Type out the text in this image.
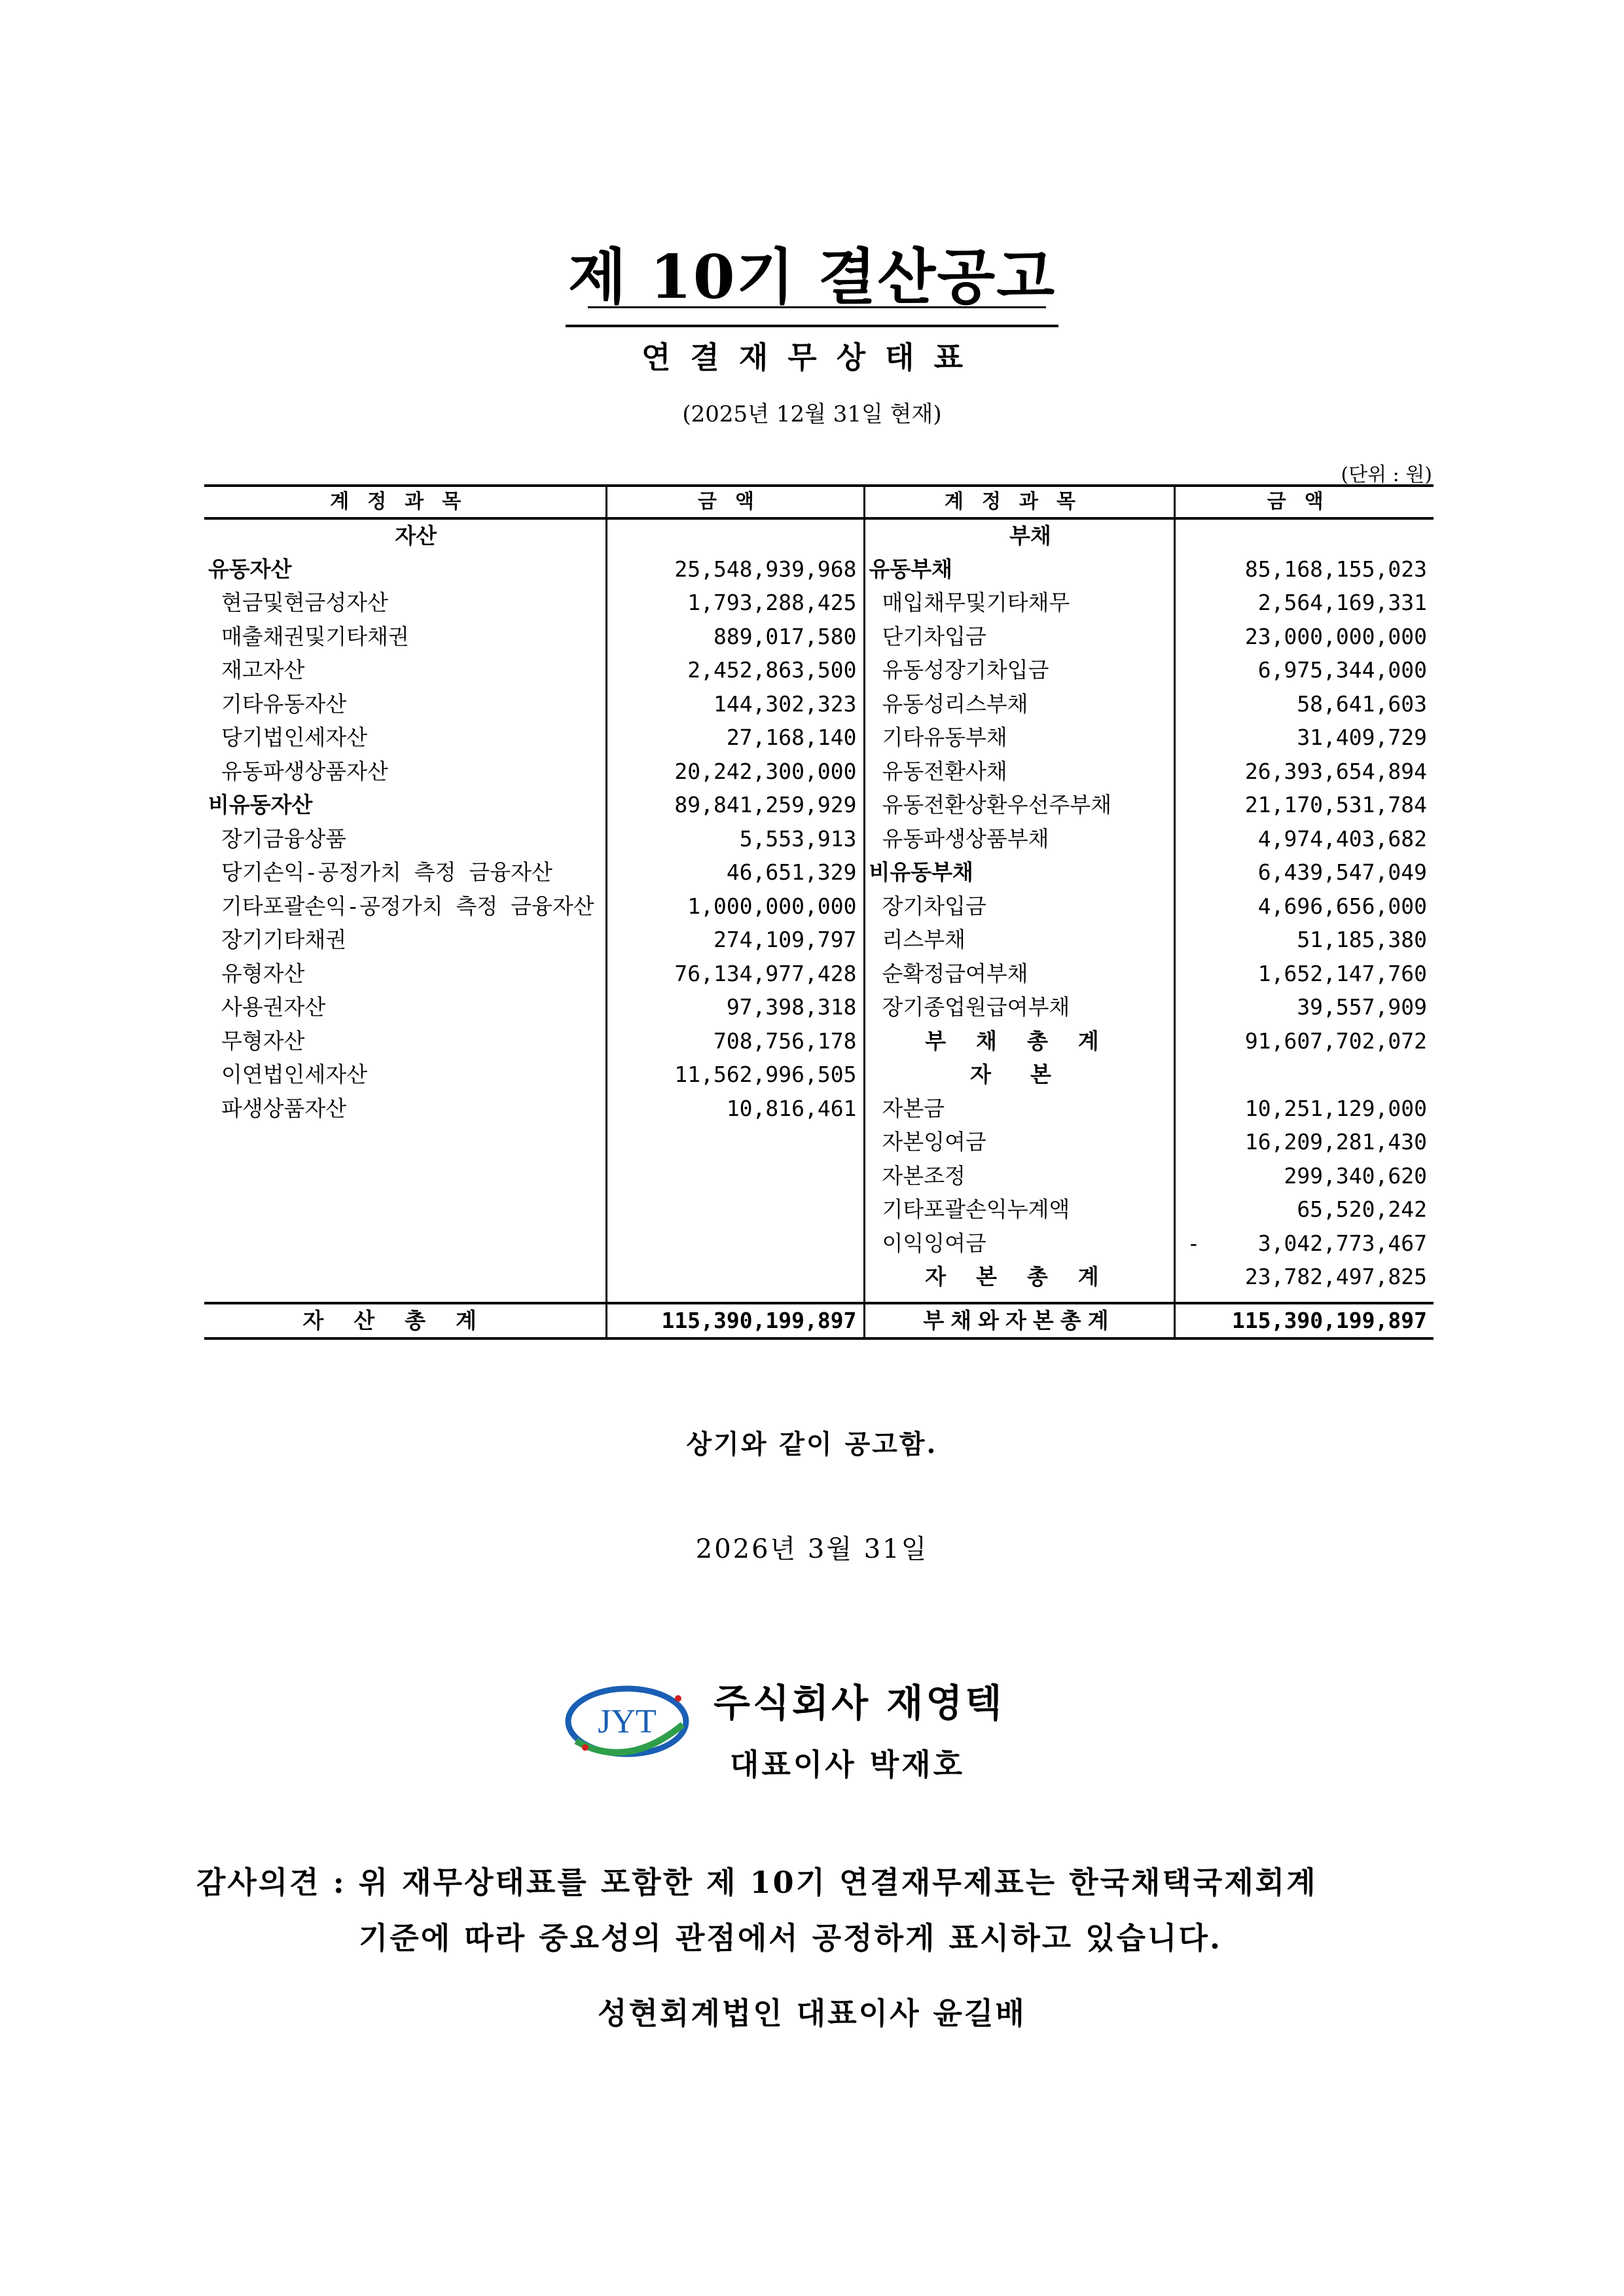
제 10기 결산공고
연결재무상태표
(2025년 12월 31일 현재)
(단위 : 원)
계정과목	금액	계정과목	금액
자산		부채	
유동자산	25,548,939,968	유동부채	85,168,155,023
현금및현금성자산	1,793,288,425	매입채무및기타채무	2,564,169,331
매출채권및기타채권	889,017,580	단기차입금	23,000,000,000
재고자산	2,452,863,500	유동성장기차입금	6,975,344,000
기타유동자산	144,302,323	유동성리스부채	58,641,603
당기법인세자산	27,168,140	기타유동부채	31,409,729
유동파생상품자산	20,242,300,000	유동전환사채	26,393,654,894
비유동자산	89,841,259,929	유동전환상환우선주부채	21,170,531,784
장기금융상품	5,553,913	유동파생상품부채	4,974,403,682
당기손익-공정가치 측정 금융자산	46,651,329	비유동부채	6,439,547,049
기타포괄손익-공정가치 측정 금융자산	1,000,000,000	장기차입금	4,696,656,000
장기기타채권	274,109,797	리스부채	51,185,380
유형자산	76,134,977,428	순확정급여부채	1,652,147,760
사용권자산	97,398,318	장기종업원급여부채	39,557,909
무형자산	708,756,178	부채총계	91,607,702,072
이연법인세자산	11,562,996,505	자본	
파생상품자산	10,816,461	자본금	10,251,129,000
		자본잉여금	16,209,281,430
		자본조정	299,340,620
		기타포괄손익누계액	65,520,242
		이익잉여금	- 3,042,773,467
		자본총계	23,782,497,825

자산총계	115,390,199,897	부채와자본총계	115,390,199,897
상기와 같이 공고함.
2026년 3월 31일
JYT 주식회사 재영텍
대표이사 박재호
감사의견 : 위 재무상태표를 포함한 제 10기 연결재무제표는 한국채택국제회계
기준에 따라 중요성의 관점에서 공정하게 표시하고 있습니다.
성현회계법인 대표이사 윤길배
